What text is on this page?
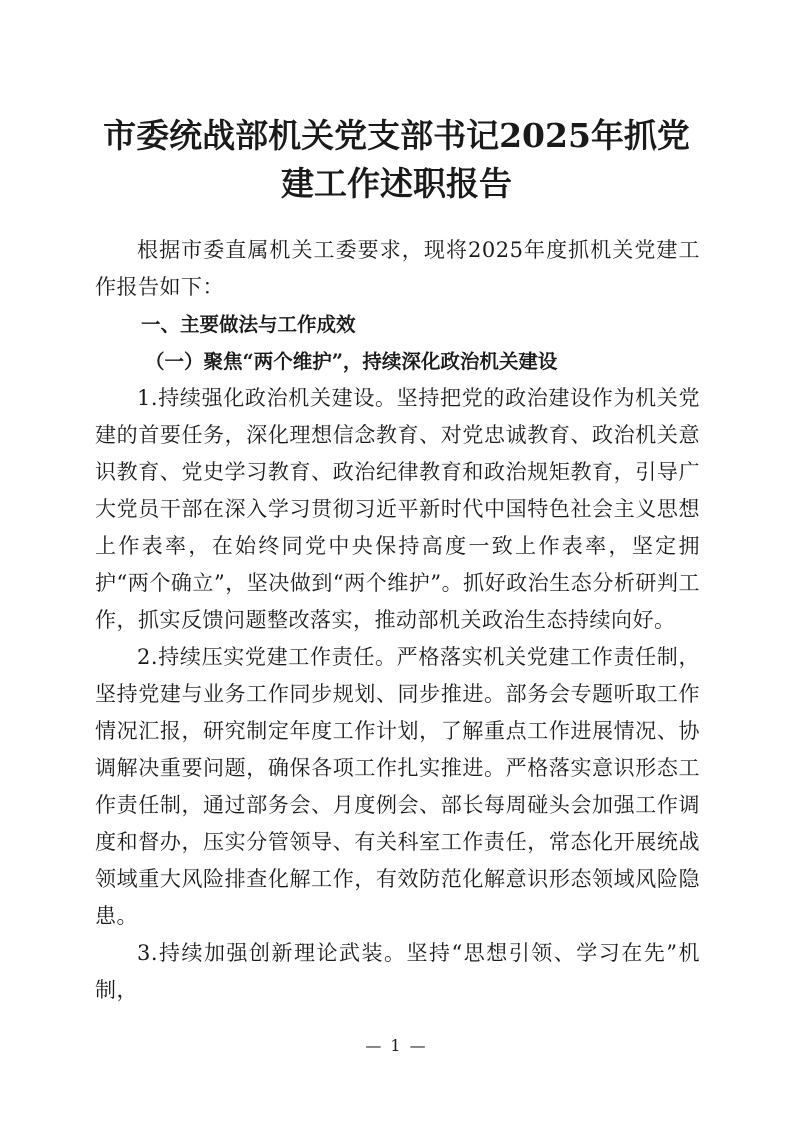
市委统战部机关党支部书记2025年抓党
建工作述职报告

根据市委直属机关工委要求，现将2025年度抓机关党建工作报告如下：

一、主要做法与工作成效

（一）聚焦“两个维护”，持续深化政治机关建设

1.持续强化政治机关建设。坚持把党的政治建设作为机关党建的首要任务，深化理想信念教育、对党忠诚教育、政治机关意识教育、党史学习教育、政治纪律教育和政治规矩教育，引导广大党员干部在深入学习贯彻习近平新时代中国特色社会主义思想上作表率，在始终同党中央保持高度一致上作表率，坚定拥护“两个确立”，坚决做到“两个维护”。抓好政治生态分析研判工作，抓实反馈问题整改落实，推动部机关政治生态持续向好。

2.持续压实党建工作责任。严格落实机关党建工作责任制，坚持党建与业务工作同步规划、同步推进。部务会专题听取工作情况汇报，研究制定年度工作计划，了解重点工作进展情况、协调解决重要问题，确保各项工作扎实推进。严格落实意识形态工作责任制，通过部务会、月度例会、部长每周碰头会加强工作调度和督办，压实分管领导、有关科室工作责任，常态化开展统战领域重大风险排查化解工作，有效防范化解意识形态领域风险隐患。

3.持续加强创新理论武装。坚持“思想引领、学习在先”机制，

— 1 —
